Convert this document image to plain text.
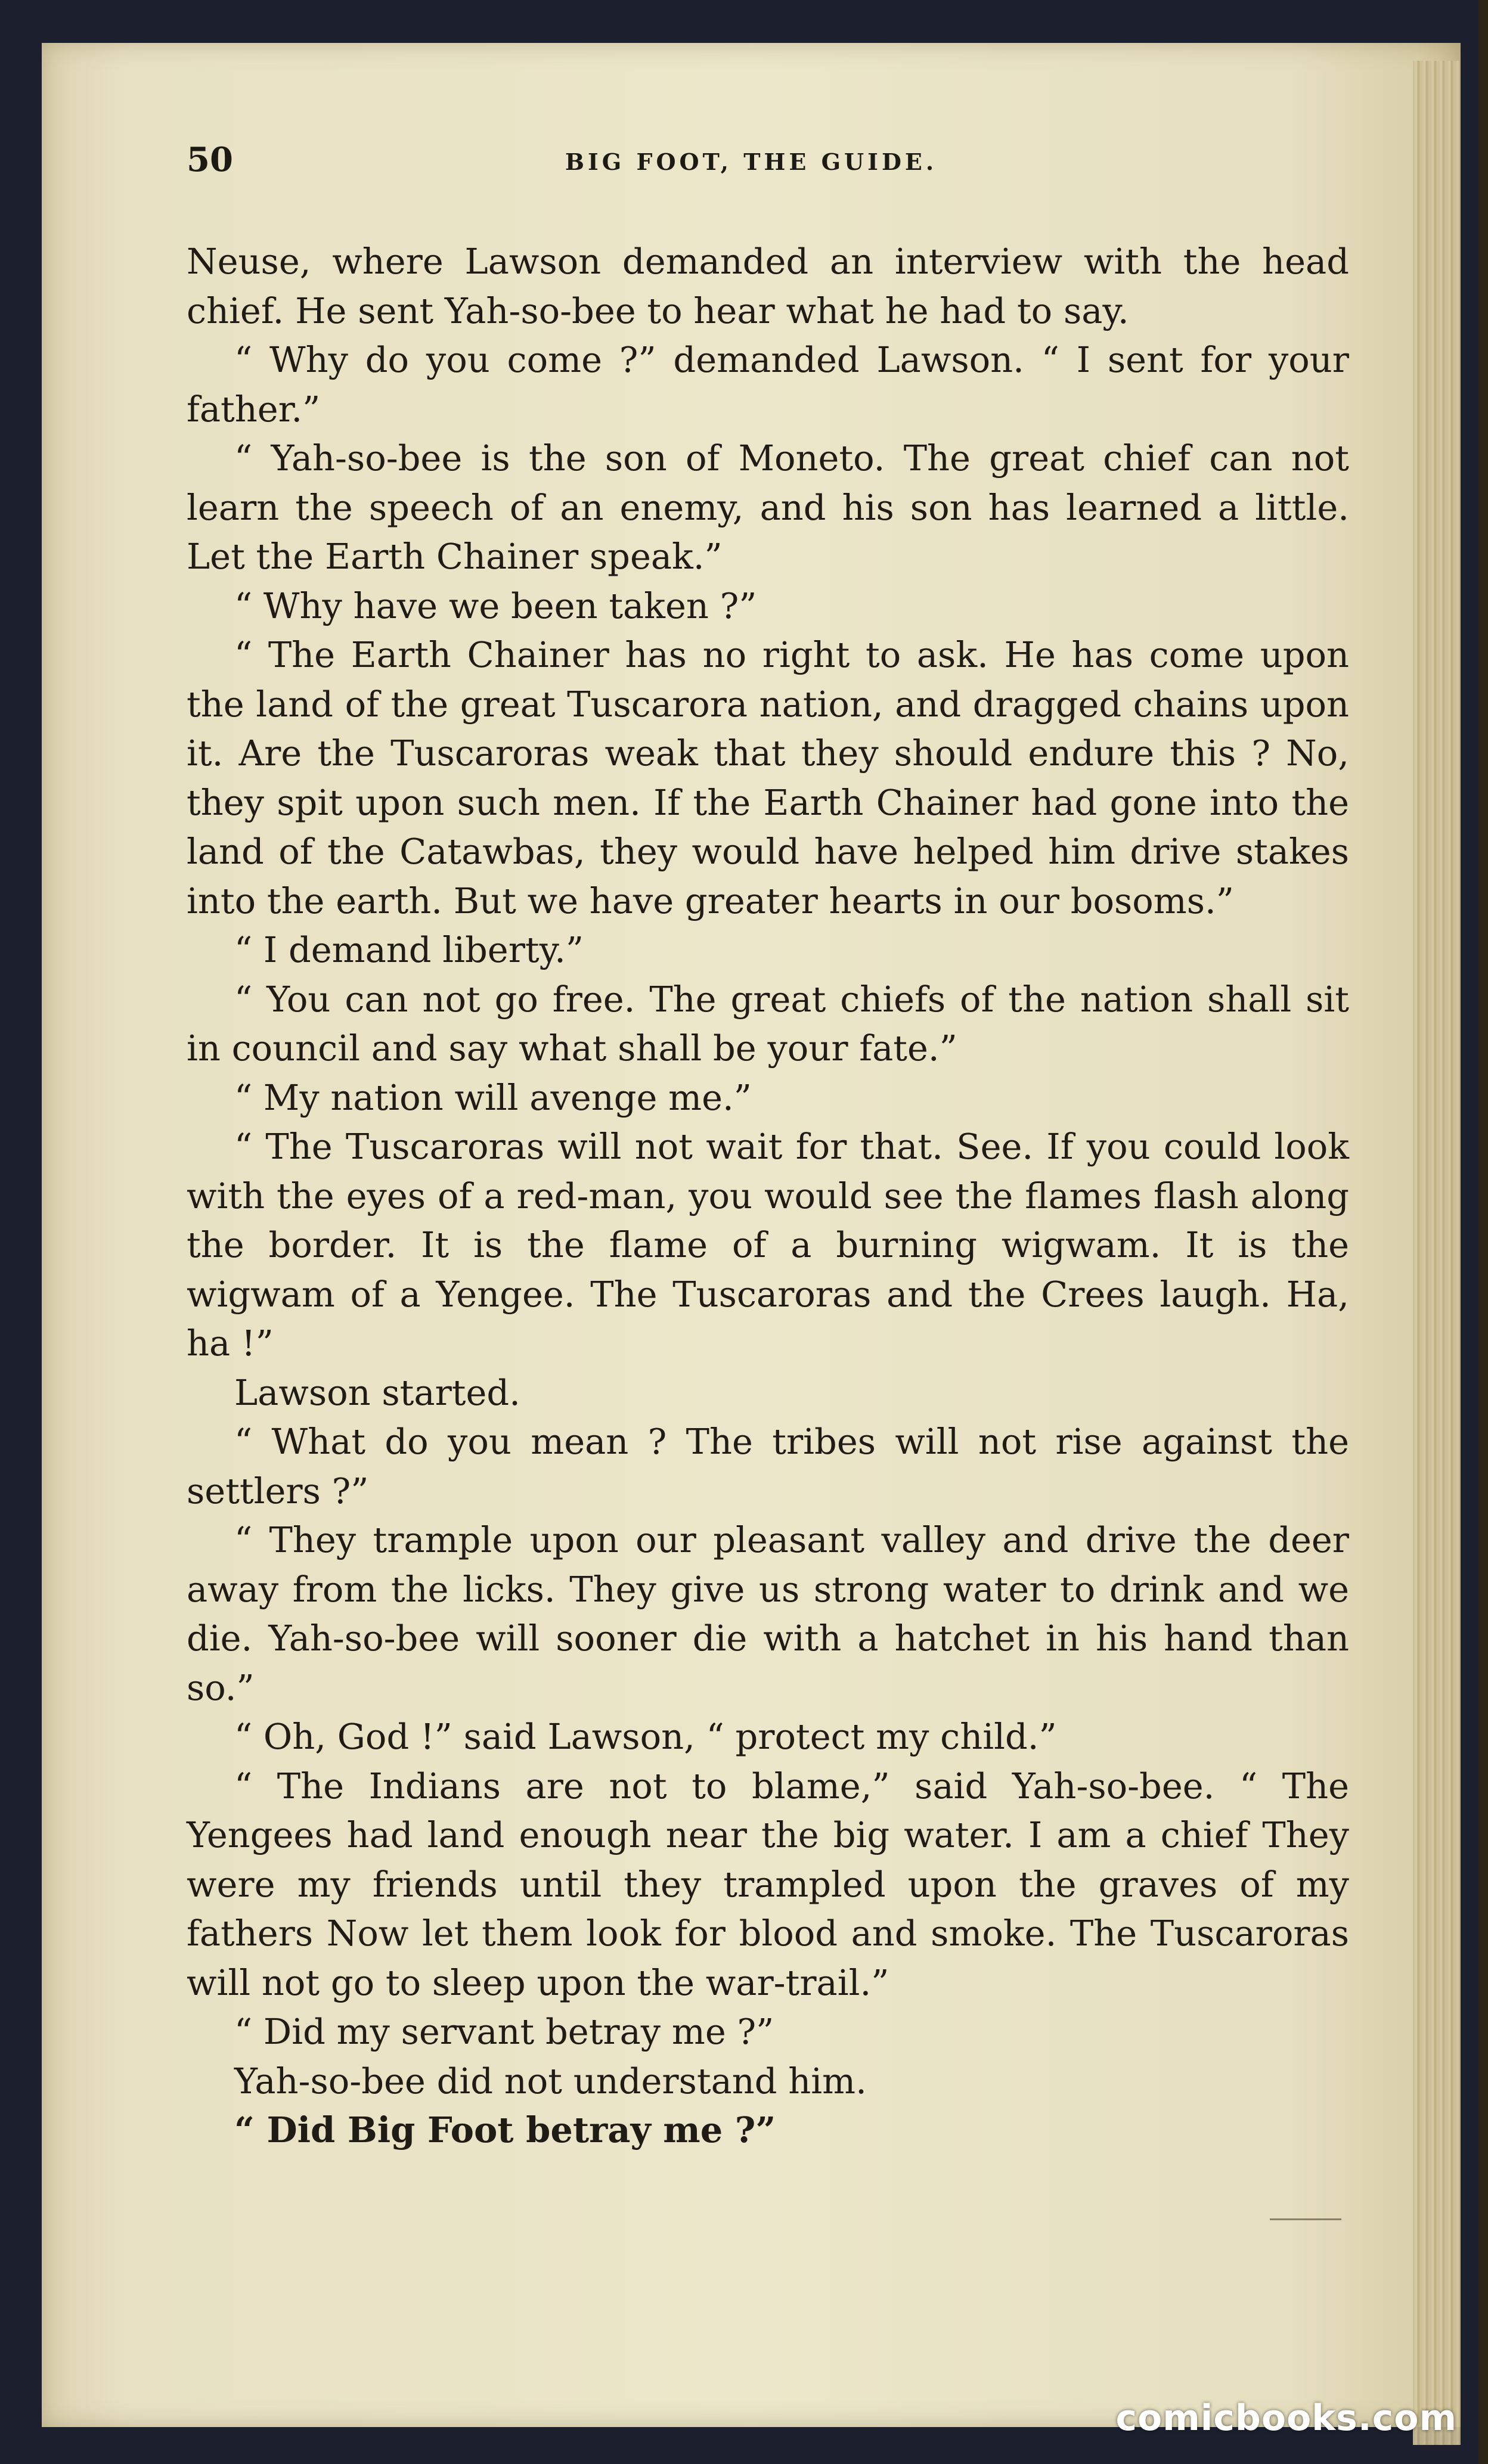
50	BIG FOOT, THE GUIDE.

Neuse, where Lawson demanded an interview with the head chief. He sent Yah-so-bee to hear what he had to say.

“ Why do you come ?” demanded Lawson. “ I sent for your father.”

“ Yah-so-bee is the son of Moneto. The great chief can not learn the speech of an enemy, and his son has learned a little. Let the Earth Chainer speak.”

“ Why have we been taken ?”

“ The Earth Chainer has no right to ask. He has come upon the land of the great Tuscarora nation, and dragged chains upon it. Are the Tuscaroras weak that they should endure this ? No, they spit upon such men. If the Earth Chainer had gone into the land of the Catawbas, they would have helped him drive stakes into the earth. But we have greater hearts in our bosoms.”

“ I demand liberty.”

“ You can not go free. The great chiefs of the nation shall sit in council and say what shall be your fate.”

“ My nation will avenge me.”

“ The Tuscaroras will not wait for that. See. If you could look with the eyes of a red-man, you would see the flames flash along the border. It is the flame of a burning wigwam. It is the wigwam of a Yengee. The Tuscaroras and the Crees laugh. Ha, ha !”

Lawson started.

“ What do you mean ? The tribes will not rise against the settlers ?”

“ They trample upon our pleasant valley and drive the deer away from the licks. They give us strong water to drink and we die. Yah-so-bee will sooner die with a hatchet in his hand than so.”

“ Oh, God !” said Lawson, “ protect my child.”

“ The Indians are not to blame,” said Yah-so-bee. “ The Yengees had land enough near the big water. I am a chief They were my friends until they trampled upon the graves of my fathers Now let them look for blood and smoke. The Tuscaroras will not go to sleep upon the war-trail.”

“ Did my servant betray me ?”

Yah-so-bee did not understand him.

“ Did Big Foot betray me ?”

comicbooks.com
